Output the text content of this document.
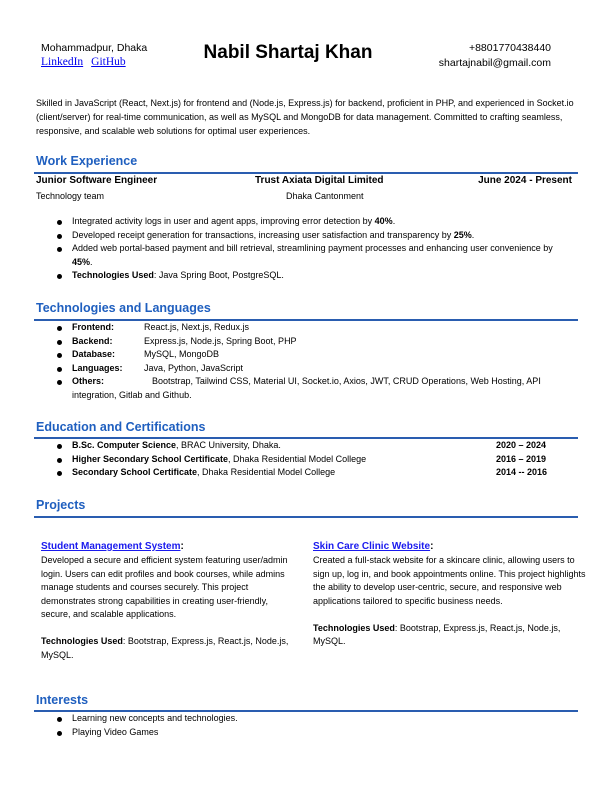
Mohammadpur, Dhaka
LinkedIn GitHub	Nabil Shartaj Khan	+8801770438440
shartajnabil@gmail.com
Skilled in JavaScript (React, Next.js) for frontend and (Node.js, Express.js) for backend, proficient in PHP, and experienced in Socket.io (client/server) for real-time communication, as well as MySQL and MongoDB for data management. Committed to crafting seamless, responsive, and scalable web solutions for optimal user experiences.
Work Experience
Junior Software Engineer	Trust Axiata Digital Limited	June 2024 - Present
Technology team	Dhaka Cantonment
Integrated activity logs in user and agent apps, improving error detection by 40%.
Developed receipt generation for transactions, increasing user satisfaction and transparency by 25%.
Added web portal-based payment and bill retrieval, streamlining payment processes and enhancing user convenience by 45%.
Technologies Used: Java Spring Boot, PostgreSQL.
Technologies and Languages
Frontend:	React.js, Next.js, Redux.js
Backend:	Express.js, Node.js, Spring Boot, PHP
Database:	MySQL, MongoDB
Languages: Java, Python, JavaScript
Others:	Bootstrap, Tailwind CSS, Material UI, Socket.io, Axios, JWT, CRUD Operations, Web Hosting, API integration, Gitlab and Github.
Education and Certifications
B.Sc. Computer Science, BRAC University, Dhaka.	2020 – 2024
Higher Secondary School Certificate, Dhaka Residential Model College	2016 – 2019
Secondary School Certificate, Dhaka Residential Model College	2014 -- 2016
Projects
Student Management System:
Developed a secure and efficient system featuring user/admin login. Users can edit profiles and book courses, while admins manage students and courses securely. This project demonstrates strong capabilities in creating user-friendly, secure, and scalable applications.
Technologies Used: Bootstrap, Express.js, React.js, Node.js, MySQL.
Skin Care Clinic Website:
Created a full-stack website for a skincare clinic, allowing users to sign up, log in, and book appointments online. This project highlights the ability to develop user-centric, secure, and responsive web applications tailored to specific business needs.
Technologies Used: Bootstrap, Express.js, React.js, Node.js, MySQL.
Interests
Learning new concepts and technologies.
Playing Video Games
